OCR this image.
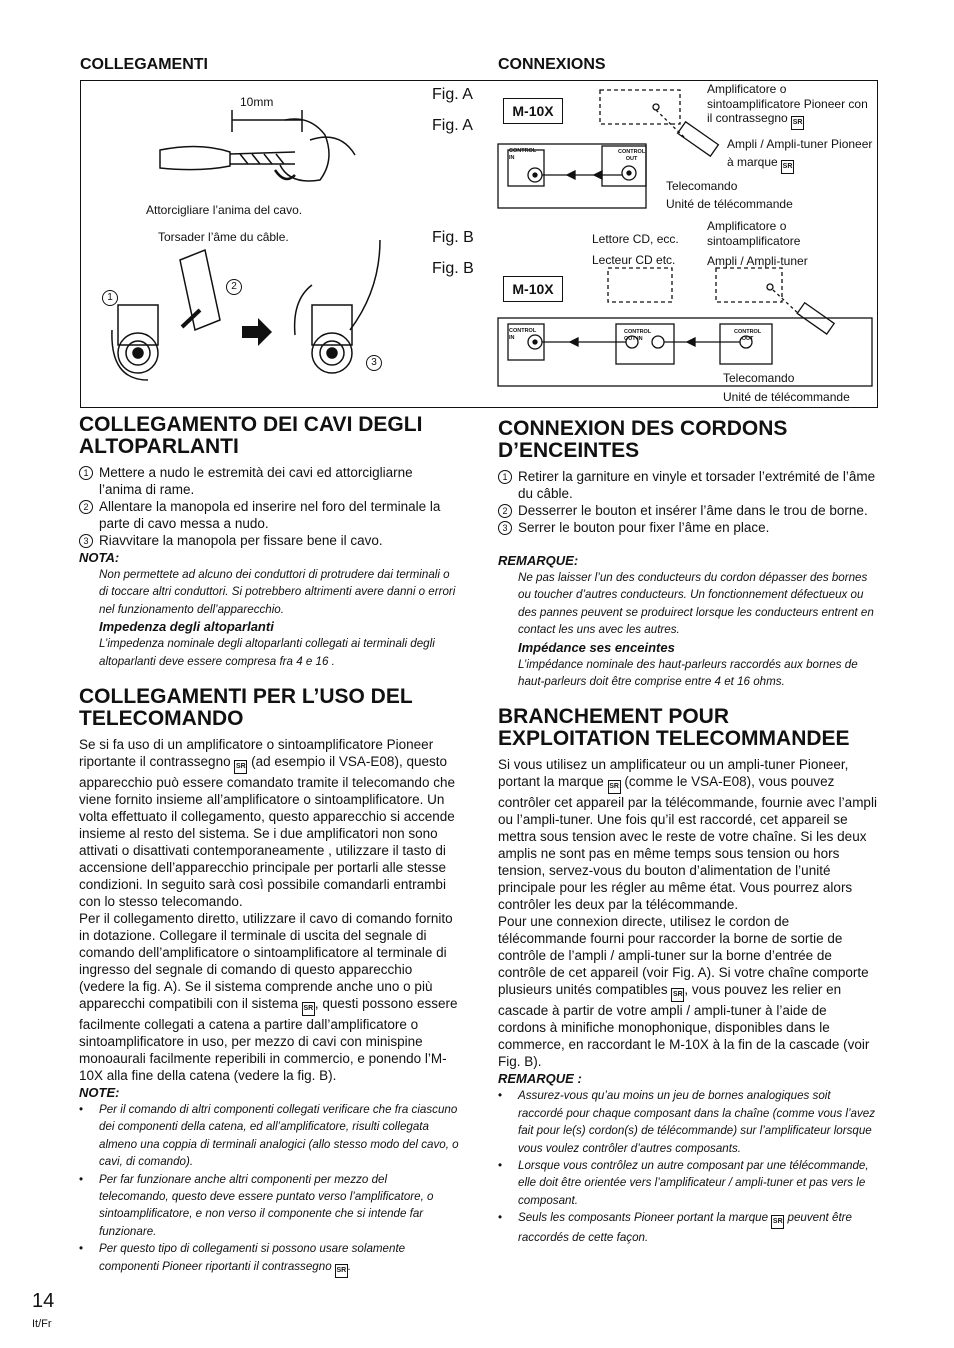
COLLEGAMENTI	CONNEXIONS
10mm	Fig. A
Fig. A
Fig. B
Fig. B
Attorcigliare l’anima del cavo.
Torsader l’âme du câble.
1
2
3
M-10X
M-10X
CONTROL
IN
CONTROL
OUT
CONTROL
IN
CONTROL
OUT IN
CONTROL
OUT
Amplificatore o sintoamplificatore Pioneer con il contrassegno SR
Ampli / Ampli-tuner Pioneer à marque SR
Telecomando
Unité de télécommande
Lettore CD, ecc.
Lecteur CD etc.
Amplificatore o sintoamplificatore
Ampli / Ampli-tuner
Telecomando
Unité de télécommande
COLLEGAMENTO DEI CAVI DEGLI ALTOPARLANTI
1 Mettere a nudo le estremità dei cavi ed attorcigliarne l’anima di rame.
2 Allentare la manopola ed inserire nel foro del terminale la parte di cavo messa a nudo.
3 Riavvitare la manopola per fissare bene il cavo.
NOTA:
Non permettete ad alcuno dei conduttori di protrudere dai terminali o di toccare altri conduttori. Si potrebbero altrimenti avere danni o errori nel funzionamento dell’apparecchio.
Impedenza degli altoparlanti
L’impedenza nominale degli altoparlanti collegati ai terminali degli altoparlanti deve essere compresa fra 4 e 16 .
COLLEGAMENTI PER L’USO DEL TELECOMANDO
Se si fa uso di un amplificatore o sintoamplificatore Pioneer riportante il contrassegno SR (ad esempio il VSA-E08), questo apparecchio può essere comandato tramite il telecomando che viene fornito insieme all’amplificatore o sintoamplificatore. Un volta effettuato il collegamento, questo apparecchio si accende insieme al resto del sistema. Se i due amplificatori non sono attivati o disattivati contemporaneamente , utilizzare il tasto di accensione dell’apparecchio principale per portarli alle stesse condizioni. In seguito sarà così possibile comandarli entrambi con lo stesso telecomando.
Per il collegamento diretto, utilizzare il cavo di comando fornito in dotazione. Collegare il terminale di uscita del segnale di comando dell’amplificatore o sintoamplificatore al terminale di ingresso del segnale di comando di questo apparecchio (vedere la fig. A). Se il sistema comprende anche uno o più apparecchi compatibili con il sistema SR , questi possono essere facilmente collegati a catena a partire dall’amplificatore o sintoamplificatore in uso, per mezzo di cavi con minispine monoaurali facilmente reperibili in commercio, e ponendo l’M-10X alla fine della catena (vedere la fig. B).
NOTE:
• Per il comando di altri componenti collegati verificare che fra ciascuno dei componenti della catena, ed all’amplificatore, risulti collegata almeno una coppia di terminali analogici (allo stesso modo del cavo, o cavi, di comando).
• Per far funzionare anche altri componenti per mezzo del telecomando, questo deve essere puntato verso l’amplificatore, o sintoamplificatore, e non verso il componente che si intende far funzionare.
• Per questo tipo di collegamenti si possono usare solamente componenti Pioneer riportanti il contrassegno SR .
CONNEXION DES CORDONS D’ENCEINTES
1 Retirer la garniture en vinyle et torsader l’extrémité de l’âme du câble.
2 Desserrer le bouton et insérer l’âme dans le trou de borne.
3 Serrer le bouton pour fixer l’âme en place.
REMARQUE:
Ne pas laisser l’un des conducteurs du cordon dépasser des bornes ou toucher d’autres conducteurs. Un fonctionnement défectueux ou des pannes peuvent se produirect lorsque les conducteurs entrent en contact les uns avec les autres.
Impédance ses enceintes
L’impédance nominale des haut-parleurs raccordés aux bornes de haut-parleurs doit être comprise entre 4 et 16 ohms.
BRANCHEMENT POUR EXPLOITATION TELECOMMANDEE
Si vous utilisez un amplificateur ou un ampli-tuner Pioneer, portant la marque SR (comme le VSA-E08), vous pouvez contrôler cet appareil par la télécommande, fournie avec l’ampli ou l’ampli-tuner. Une fois qu’il est raccordé, cet appareil se mettra sous tension avec le reste de votre chaîne. Si les deux amplis ne sont pas en même temps sous tension ou hors tension, servez-vous du bouton d’alimentation de l’unité principale pour les régler au même état. Vous pourrez alors contrôler les deux par la télécommande.
Pour une connexion directe, utilisez le cordon de télécommande fourni pour raccorder la borne de sortie de contrôle de l’ampli / ampli-tuner sur la borne d’entrée de contrôle de cet appareil (voir Fig. A). Si votre chaîne comporte plusieurs unités compatibles SR , vous pouvez les relier en cascade à partir de votre ampli / ampli-tuner à l’aide de cordons à minifiche monophonique, disponibles dans le commerce, en raccordant le M-10X à la fin de la cascade (voir Fig. B).
REMARQUE :
• Assurez-vous qu’au moins un jeu de bornes analogiques soit raccordé pour chaque composant dans la chaîne (comme vous l’avez fait pour le(s) cordon(s) de télécommande) sur l’amplificateur lorsque vous voulez contrôler d’autres composants.
• Lorsque vous contrôlez un autre composant par une télécommande, elle doit être orientée vers l’amplificateur / ampli-tuner et pas vers le composant.
• Seuls les composants Pioneer portant la marque SR peuvent être raccordés de cette façon.
14
It/Fr
